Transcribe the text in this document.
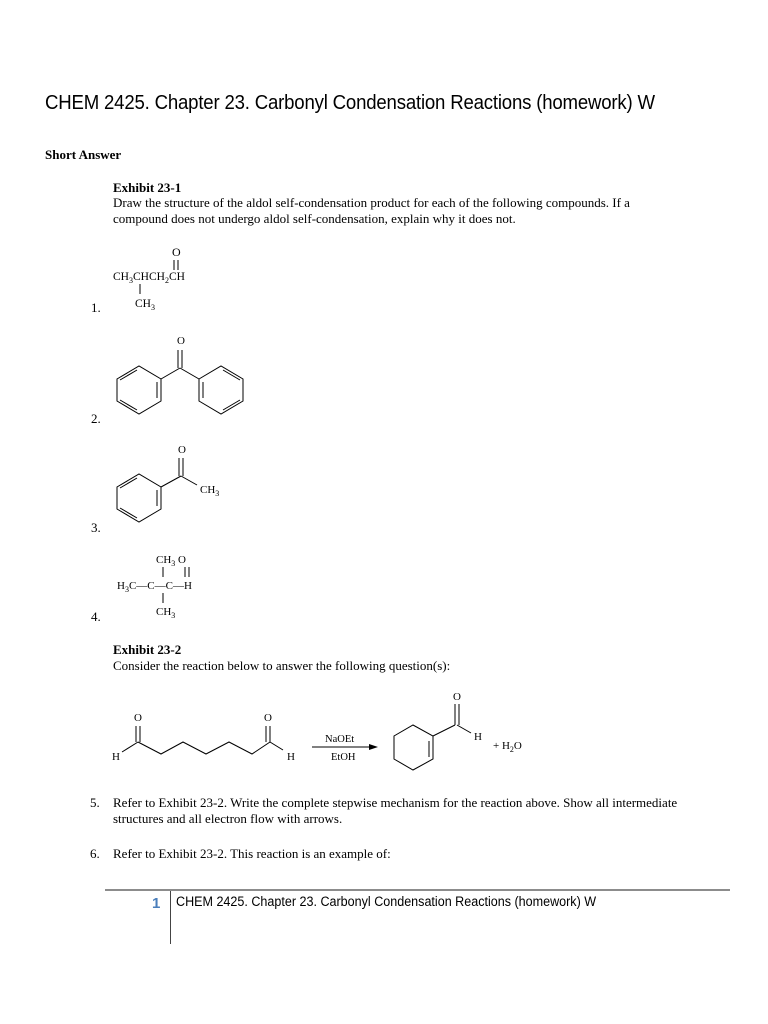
CHEM 2425. Chapter 23. Carbonyl Condensation Reactions (homework) W
Short Answer
Exhibit 23-1
Draw the structure of the aldol self-condensation product for each of the following compounds. If a
compound does not undergo aldol self-condensation, explain why it does not.
1.
O
$CH_3CHCH_2CH$
$CH_3$
2.
O
3.
O
$CH_3$
4.
$CH_3$ O
$H_3C—C—C—H$
$CH_3$
Exhibit 23-2
Consider the reaction below to answer the following question(s):
O
H
O
H
NaOEt
EtOH
O
H
+ $H_2O$
5. Refer to Exhibit 23-2. Write the complete stepwise mechanism for the reaction above. Show all intermediate
structures and all electron flow with arrows.
6. Refer to Exhibit 23-2. This reaction is an example of:
1 CHEM 2425. Chapter 23. Carbonyl Condensation Reactions (homework) W
